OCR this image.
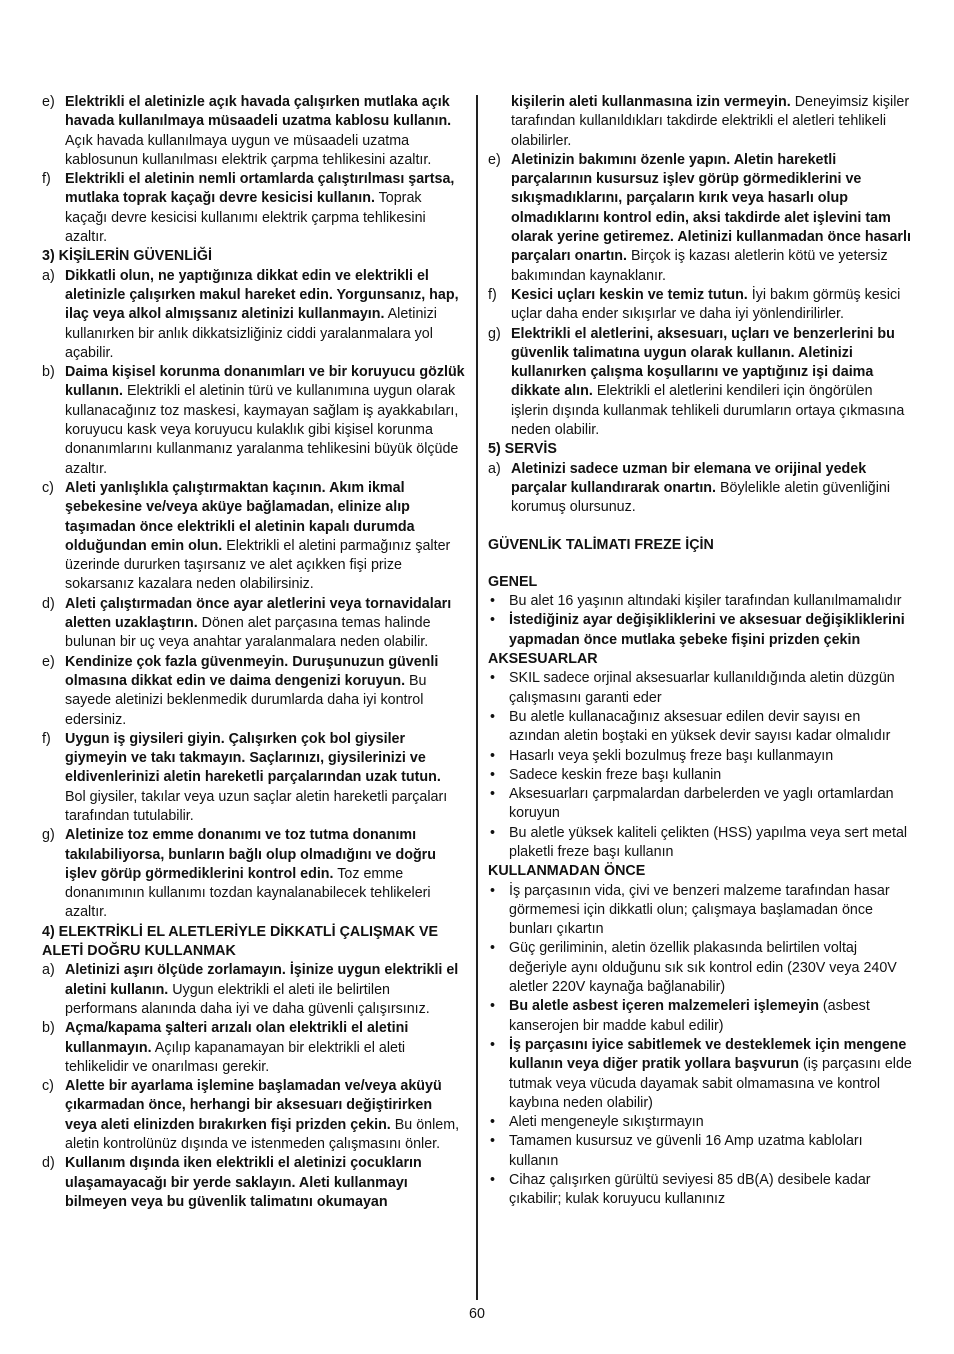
e) Elektrikli el aletinizle açık havada çalışırken mutlaka açık havada kullanılmaya müsaadeli uzatma kablosu kullanın. Açık havada kullanılmaya uygun ve müsaadeli uzatma kablosunun kullanılması elektrik çarpma tehlikesini azaltır.
f) Elektrikli el aletinin nemli ortamlarda çalıştırılması şartsa, mutlaka toprak kaçağı devre kesicisi kullanın. Toprak kaçağı devre kesicisi kullanımı elektrik çarpma tehlikesini azaltır.
3) KİŞİLERİN GÜVENLİĞİ
a) Dikkatli olun, ne yaptığınıza dikkat edin ve elektrikli el aletinizle çalışırken makul hareket edin. Yorgunsanız, hap, ilaç veya alkol almışsanız aletinizi kullanmayın. Aletinizi kullanırken bir anlık dikkatsizliğiniz ciddi yaralanmalara yol açabilir.
b) Daima kişisel korunma donanımları ve bir koruyucu gözlük kullanın. Elektrikli el aletinin türü ve kullanımına uygun olarak kullanacağınız toz maskesi, kaymayan sağlam iş ayakkabıları, koruyucu kask veya koruyucu kulaklık gibi kişisel korunma donanımlarını kullanmanız yaralanma tehlikesini büyük ölçüde azaltır.
c) Aleti yanlışlıkla çalıştırmaktan kaçının. Akım ikmal şebekesine ve/veya aküye bağlamadan, elinize alıp taşımadan önce elektrikli el aletinin kapalı durumda olduğundan emin olun. Elektrikli el aletini parmağınız şalter üzerinde dururken taşırsanız ve alet açıkken fişi prize sokarsanız kazalara neden olabilirsiniz.
d) Aleti çalıştırmadan önce ayar aletlerini veya tornavidaları aletten uzaklaştırın. Dönen alet parçasına temas halinde bulunan bir uç veya anahtar yaralanmalara neden olabilir.
e) Kendinize çok fazla güvenmeyin. Duruşunuzun güvenli olmasına dikkat edin ve daima dengenizi koruyun. Bu sayede aletinizi beklenmedik durumlarda daha iyi kontrol edersiniz.
f) Uygun iş giysileri giyin. Çalışırken çok bol giysiler giymeyin ve takı takmayın. Saçlarınızı, giysilerinizi ve eldivenlerinizi aletin hareketli parçalarından uzak tutun. Bol giysiler, takılar veya uzun saçlar aletin hareketli parçaları tarafından tutulabilir.
g) Aletinize toz emme donanımı ve toz tutma donanımı takılabiliyorsa, bunların bağlı olup olmadığını ve doğru işlev görüp görmediklerini kontrol edin. Toz emme donanımının kullanımı tozdan kaynalanabilecek tehlikeleri azaltır.
4) ELEKTRİKLİ EL ALETLERİYLE DİKKATLİ ÇALIŞMAK VE ALETİ DOĞRU KULLANMAK
a) Aletinizi aşırı ölçüde zorlamayın. İşinize uygun elektrikli el aletini kullanın. Uygun elektrikli el aleti ile belirtilen performans alanında daha iyi ve daha güvenli çalışırsınız.
b) Açma/kapama şalteri arızalı olan elektrikli el aletini kullanmayın. Açılıp kapanamayan bir elektrikli el aleti tehlikelidir ve onarılması gerekir.
c) Alette bir ayarlama işlemine başlamadan ve/veya aküyü çıkarmadan önce, herhangi bir aksesuarı değiştirirken veya aleti elinizden bırakırken fişi prizden çekin. Bu önlem, aletin kontrolünüz dışında ve istenmeden çalışmasını önler.
d) Kullanım dışında iken elektrikli el aletinizi çocukların ulaşamayacağı bir yerde saklayın. Aleti kullanmayı bilmeyen veya bu güvenlik talimatını okumayan
kişilerin aleti kullanmasına izin vermeyin. Deneyimsiz kişiler tarafından kullanıldıkları takdirde elektrikli el aletleri tehlikeli olabilirler.
e) Aletinizin bakımını özenle yapın. Aletin hareketli parçalarının kusursuz işlev görüp görmediklerini ve sıkışmadıklarını, parçaların kırık veya hasarlı olup olmadıklarını kontrol edin, aksi takdirde alet işlevini tam olarak yerine getiremez. Aletinizi kullanmadan önce hasarlı parçaları onartın. Birçok iş kazası aletlerin kötü ve yetersiz bakımından kaynaklanır.
f) Kesici uçları keskin ve temiz tutun. İyi bakım görmüş kesici uçlar daha ender sıkışırlar ve daha iyi yönlendirilirler.
g) Elektrikli el aletlerini, aksesuarı, uçları ve benzerlerini bu güvenlik talimatına uygun olarak kullanın. Aletinizi kullanırken çalışma koşullarını ve yaptığınız işi daima dikkate alın. Elektrikli el aletlerini kendileri için öngörülen işlerin dışında kullanmak tehlikeli durumların ortaya çıkmasına neden olabilir.
5) SERVİS
a) Aletinizi sadece uzman bir elemana ve orijinal yedek parçalar kullandırarak onartın. Böylelikle aletin güvenliğini korumuş olursunuz.
GÜVENLİK TALİMATI FREZE İÇİN
GENEL
• Bu alet 16 yaşının altındaki kişiler tarafından kullanılmamalıdır
• İstediğiniz ayar değişikliklerini ve aksesuar değişikliklerini yapmadan önce mutlaka şebeke fişini prizden çekin
AKSESUARLAR
• SKIL sadece orjinal aksesuarlar kullanıldığında aletin düzgün çalışmasını garanti eder
• Bu aletle kullanacağınız aksesuar edilen devir sayısı en azından aletin boştaki en yüksek devir sayısı kadar olmalıdır
• Hasarlı veya şekli bozulmuş freze başı kullanmayın
• Sadece keskin freze başı kullanin
• Aksesuarları çarpmalardan darbelerden ve yaglı ortamlardan koruyun
• Bu aletle yüksek kaliteli çelikten (HSS) yapılma veya sert metal plaketli freze başı kullanın
KULLANMADAN ÖNCE
• İş parçasının vida, çivi ve benzeri malzeme tarafından hasar görmemesi için dikkatli olun; çalışmaya başlamadan önce bunları çıkartın
• Güç geriliminin, aletin özellik plakasında belirtilen voltaj değeriyle aynı olduğunu sık sık kontrol edin (230V veya 240V aletler 220V kaynağa bağlanabilir)
• Bu aletle asbest içeren malzemeleri işlemeyin (asbest kanserojen bir madde kabul edilir)
• İş parçasını iyice sabitlemek ve desteklemek için mengene kullanın veya diğer pratik yollara başvurun (iş parçasını elde tutmak veya vücuda dayamak sabit olmamasına ve kontrol kaybına neden olabilir)
• Aleti mengeneyle sıkıştırmayın
• Tamamen kusursuz ve güvenli 16 Amp uzatma kabloları kullanın
• Cihaz çalışırken gürültü seviyesi 85 dB(A) desibele kadar çıkabilir; kulak koruyucu kullanınız
60
